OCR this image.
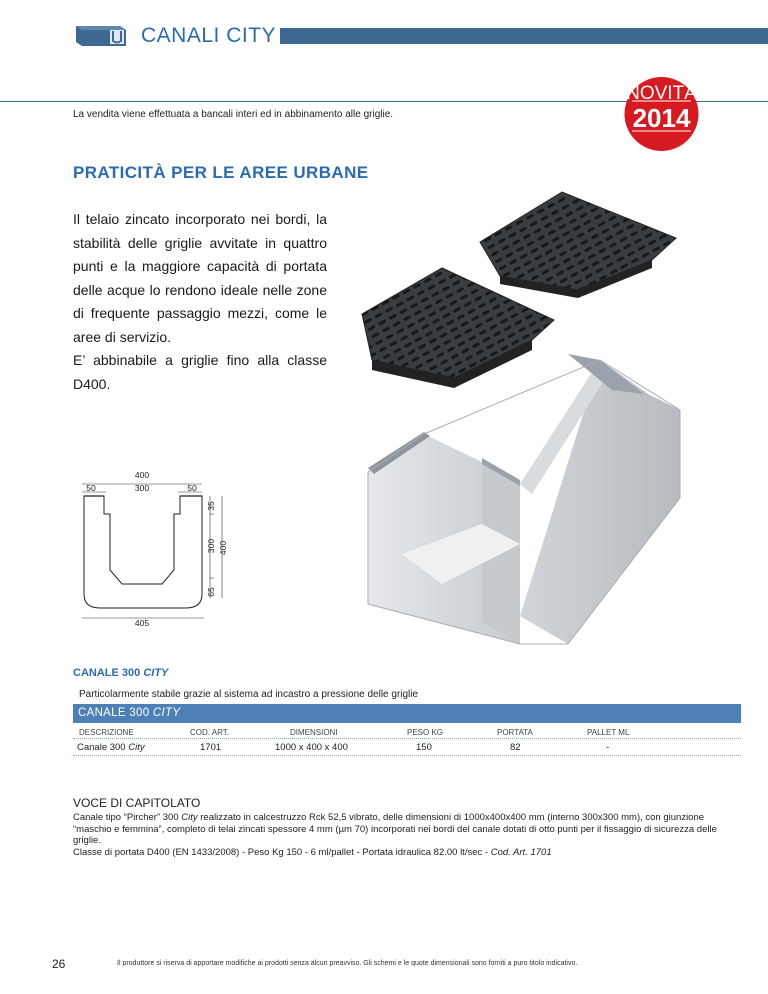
CANALI CITY
La vendita viene effettuata a bancali interi ed in abbinamento alle griglie.
NOVITÁ
2014
PRATICITÀ PER LE AREE URBANE

Il telaio zincato incorporato nei bordi, la stabilità delle griglie avvitate in quattro punti e la maggiore capacità di portata delle acque lo rendono ideale nelle zone di frequente passaggio mezzi, come le aree di servizio.

E’ abbinabile a griglie fino alla classe D400.

400
300
50	50
35
300 400
65
405
CANALE 300 CITY
Particolarmente stabile grazie al sistema ad incastro a pressione delle griglie
CANALE 300 CITY
DESCRIZIONE	COD. ART.	DIMENSIONI	PESO KG	PORTATA	PALLET ML
Canale 300 City	1701	1000 x 400 x 400	150	82	-
VOCE DI CAPITOLATO

Canale tipo “Pircher” 300 City realizzato in calcestruzzo Rck 52,5 vibrato, delle dimensioni di 1000x400x400 mm (interno 300x300 mm), con giunzione “maschio e femmina”, completo di telai zincati spessore 4 mm (µm 70) incorporati nei bordi del canale dotati di otto punti per il fissaggio di sicurezza delle griglie.

Classe di portata D400 (EN 1433/2008) - Peso Kg 150 - 6 ml/pallet - Portata idraulica 82.00 lt/sec - Cod. Art. 1701

26	Il produttore si riserva di apportare modifiche ai prodotti senza alcun preavviso. Gli schemi e le quote dimensionali sono forniti a puro titolo indicativo.
